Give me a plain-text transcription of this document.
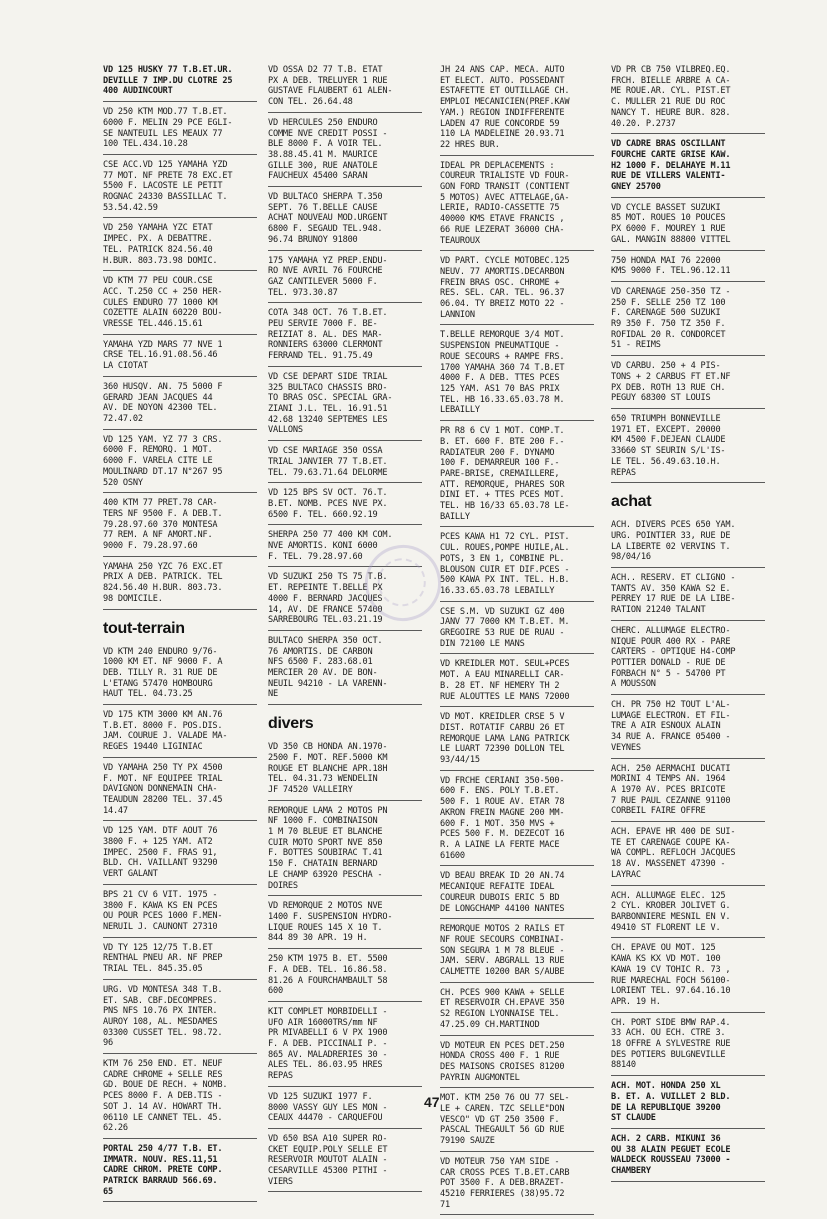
VD 125 HUSKY 77 T.B.ET.UR.
DEVILLE 7 IMP.DU CLOTRE 25
400 AUDINCOURT
VD 250 KTM MOD.77 T.B.ET.
6000 F. MELIN 29 PCE EGLI-
SE NANTEUIL LES MEAUX 77
100 TEL.434.10.28
CSE ACC.VD 125 YAMAHA YZD
77 MOT. NF PRETE 78 EXC.ET
5500 F. LACOSTE LE PETIT
ROGNAC 24330 BASSILLAC T.
53.54.42.59
VD 250 YAMAHA YZC ETAT
IMPEC. PX. A DEBATTRE.
TEL. PATRICK 824.56.40
H.BUR. 803.73.98 DOMIC.
VD KTM 77 PEU COUR.CSE
ACC. T.250 CC + 250 HER-
CULES ENDURO 77 1000 KM
COZETTE ALAIN 60220 BOU-
VRESSE TEL.446.15.61
YAMAHA YZD MARS 77 NVE 1
CRSE TEL.16.91.08.56.46
LA CIOTAT
360 HUSQV. AN. 75 5000 F
GERARD JEAN JACQUES 44
AV. DE NOYON 42300 TEL.
72.47.02
VD 125 YAM. YZ 77 3 CRS.
6000 F. REMORQ. 1 MOT.
6000 F. VARELA CITE LE
MOULINARD DT.17 N°267 95
520 OSNY
400 KTM 77 PRET.78 CAR-
TERS NF 9500 F. A DEB.T.
79.28.97.60 370 MONTESA
77 REM. A NF AMORT.NF.
9000 F. 79.28.97.60
YAMAHA 250 YZC 76 EXC.ET
PRIX A DEB. PATRICK. TEL
824.56.40 H.BUR. 803.73.
98 DOMICILE.
tout-terrain
VD KTM 240 ENDURO 9/76-
1000 KM ET. NF 9000 F. A
DEB. TILLY R. 31 RUE DE
L'ETANG 57470 HOMBOURG
HAUT TEL. 04.73.25
VD 175 KTM 3000 KM AN.76
T.B.ET. 8000 F. POS.DIS.
JAM. COURUE J. VALADE MA-
REGES 19440 LIGINIAC
VD YAMAHA 250 TY PX 4500
F. MOT. NF EQUIPEE TRIAL
DAVIGNON DONNEMAIN CHA-
TEAUDUN 28200 TEL. 37.45
14.47
VD 125 YAM. DTF AOUT 76
3800 F. + 125 YAM. AT2
IMPEC. 2500 F. FRAS 91,
BLD. CH. VAILLANT 93290
VERT GALANT
BPS 21 CV 6 VIT. 1975 -
3800 F. KAWA KS EN PCES
OU POUR PCES 1000 F.MEN-
NERUIL J. CAUNONT 27310
VD TY 125 12/75 T.B.ET
RENTHAL PNEU AR. NF PREP
TRIAL TEL. 845.35.05
URG. VD MONTESA 348 T.B.
ET. SAB. CBF.DECOMPRES.
PNS NFS 10.76 PX INTER.
AUROY 108, AL. MESDAMES
03300 CUSSET TEL. 98.72.
96
KTM 76 250 END. ET. NEUF
CADRE CHROME + SELLE RES
GD. BOUE DE RECH. + NOMB.
PCES 8000 F. A DEB.TIS -
SOT J. 14 AV. HOWART TH.
06110 LE CANNET TEL. 45.
62.26
PORTAL 250 4/77 T.B. ET.
IMMATR. NOUV. RES.11,51
CADRE CHROM. PRETE COMP.
PATRICK BARRAUD 566.69.
65
VD OSSA D2 77 T.B. ETAT
PX A DEB. TRELUYER 1 RUE
GUSTAVE FLAUBERT 61 ALEN-
CON TEL. 26.64.48
VD HERCULES 250 ENDURO
COMME NVE CREDIT POSSI -
BLE 8000 F. A VOIR TEL.
38.88.45.41 M. MAURICE
GILLE 300, RUE ANATOLE
FAUCHEUX 45400 SARAN
VD BULTACO SHERPA T.350
SEPT. 76 T.BELLE CAUSE
ACHAT NOUVEAU MOD.URGENT
6800 F. SEGAUD TEL.948.
96.74 BRUNOY 91800
175 YAMAHA YZ PREP.ENDU-
RO NVE AVRIL 76 FOURCHE
GAZ CANTILEVER 5000 F.
TEL. 973.30.87
COTA 348 OCT. 76 T.B.ET.
PEU SERVIE 7000 F. BE-
REIZIAT 8. AL. DES MAR-
RONNIERS 63000 CLERMONT
FERRAND TEL. 91.75.49
VD CSE DEPART SIDE TRIAL
325 BULTACO CHASSIS BRO-
TO BRAS OSC. SPECIAL GRA-
ZIANI J.L. TEL. 16.91.51
42.68 13240 SEPTEMES LES
VALLONS
VD CSE MARIAGE 350 OSSA
TRIAL JANVIER 77 T.B.ET.
TEL. 79.63.71.64 DELORME
VD 125 BPS SV OCT. 76.T.
B.ET. NOMB. PCES NVE PX.
6500 F. TEL. 660.92.19
SHERPA 250 77 400 KM COM.
NVE AMORTIS. KONI 6000
F. TEL. 79.28.97.60
VD SUZUKI 250 TS 75 T.B.
ET. REPEINTE T.BELLE PX
4000 F. BERNARD JACQUES
14, AV. DE FRANCE 57400
SARREBOURG TEL.03.21.19
BULTACO SHERPA 350 OCT.
76 AMORTIS. DE CARBON
NFS 6500 F. 283.68.01
MERCIER 20 AV. DE BON-
NEUIL 94210 - LA VARENN-
NE
divers
VD 350 CB HONDA AN.1970-
2500 F. MOT. REF.5000 KM
ROUGE ET BLANCHE APR.18H
TEL. 04.31.73 WENDELIN
JF 74520 VALLEIRY
REMORQUE LAMA 2 MOTOS PN
NF 1000 F. COMBINAISON
1 M 70 BLEUE ET BLANCHE
CUIR MOTO SPORT NVE 850
F. BOTTES SOUBIRAC T.41
150 F. CHATAIN BERNARD
LE CHAMP 63920 PESCHA -
DOIRES
VD REMORQUE 2 MOTOS NVE
1400 F. SUSPENSION HYDRO-
LIQUE ROUES 145 X 10 T.
844 89 30 APR. 19 H.
250 KTM 1975 B. ET. 5500
F. A DEB. TEL. 16.86.58.
81.26 A FOURCHAMBAULT 58
600
KIT COMPLET MORBIDELLI -
UFO AIR 16000TRS/mm NF
PR MIVABELLI 6 V PX 1900
F. A DEB. PICCINALI P. -
865 AV. MALADRERIES 30 -
ALES TEL. 86.03.95 HRES
REPAS
VD 125 SUZUKI 1977 F.
8000 VASSY GUY LES MON -
CEAUX 44470 - CARQUEFOU
VD 650 BSA A10 SUPER RO-
CKET EQUIP.POLY SELLE ET
RESERVOIR MOUTOT ALAIN -
CESARVILLE 45300 PITHI -
VIERS
JH 24 ANS CAP. MECA. AUTO
ET ELECT. AUTO. POSSEDANT
ESTAFETTE ET OUTILLAGE CH.
EMPLOI MECANICIEN(PREF.KAW
YAM.) REGION INDIFFERENTE
LADEN 47 RUE CONCORDE 59
110 LA MADELEINE 20.93.71
22 HRES BUR.
IDEAL PR DEPLACEMENTS :
COUREUR TRIALISTE VD FOUR-
GON FORD TRANSIT (CONTIENT
5 MOTOS) AVEC ATTELAGE,GA-
LERIE, RADIO-CASSETTE 75
40000 KMS ETAVE FRANCIS ,
66 RUE LEZERAT 36000 CHA-
TEAUROUX
VD PART. CYCLE MOTOBEC.125
NEUV. 77 AMORTIS.DECARBON
FREIN BRAS OSC. CHROME +
RES. SEL. CAR. TEL. 96.37
06.04. TY BREIZ MOTO 22 -
LANNION
T.BELLE REMORQUE 3/4 MOT.
SUSPENSION PNEUMATIQUE -
ROUE SECOURS + RAMPE FRS.
1700 YAMAHA 360 74 T.B.ET
4000 F. A DEB. TTES PCES
125 YAM. AS1 70 BAS PRIX
TEL. HB 16.33.65.03.78 M.
LEBAILLY
PR R8 6 CV 1 MOT. COMP.T.
B. ET. 600 F. BTE 200 F.-
RADIATEUR 200 F. DYNAMO
100 F. DEMARREUR 100 F.-
PARE-BRISE, CREMAILLERE,
ATT. REMORQUE, PHARES SOR
DINI ET. + TTES PCES MOT.
TEL. HB 16/33 65.03.78 LE-
BAILLY
PCES KAWA H1 72 CYL. PIST.
CUL. ROUES,POMPE HUILE,AL.
POTS, 3 EN 1, COMBINE PL.
BLOUSON CUIR ET DIF.PCES -
500 KAWA PX INT. TEL. H.B.
16.33.65.03.78 LEBAILLY
CSE S.M. VD SUZUKI GZ 400
JANV 77 7000 KM T.B.ET. M.
GREGOIRE 53 RUE DE RUAU -
DIN 72100 LE MANS
VD KREIDLER MOT. SEUL+PCES
MOT. A EAU MINARELLI CAR-
B. 28 ET. NF HEMERY TH 2
RUE ALOUTTES LE MANS 72000
VD MOT. KREIDLER CRSE 5 V
DIST. ROTATIF CARBU 26 ET
REMORQUE LAMA LANG PATRICK
LE LUART 72390 DOLLON TEL
93/44/15
VD FRCHE CERIANI 350-500-
600 F. ENS. POLY T.B.ET.
500 F. 1 ROUE AV. ETAR 78
AKRON FREIN MAGNE 200 MM-
600 F. 1 MOT. 350 MVS +
PCES 500 F. M. DEZECOT 16
R. A LAINE LA FERTE MACE
61600
VD BEAU BREAK ID 20 AN.74
MECANIQUE REFAITE IDEAL
COUREUR DUBOIS ERIC 5 BD
DE LONGCHAMP 44100 NANTES
REMORQUE MOTOS 2 RAILS ET
NF ROUE SECOURS COMBINAI-
SON SEGURA 1 M 78 BLEUE -
JAM. SERV. ABGRALL 13 RUE
CALMETTE 10200 BAR S/AUBE
CH. PCES 900 KAWA + SELLE
ET RESERVOIR CH.EPAVE 350
S2 REGION LYONNAISE TEL.
47.25.09 CH.MARTINOD
VD MOTEUR EN PCES DET.250
HONDA CROSS 400 F. 1 RUE
DES MAISONS CROISES 81200
PAYRIN AUGMONTEL
MOT. KTM 250 76 OU 77 SEL-
LE + CAREN. TZC SELLE"DON
VESCO" VD GT 250 3500 F.
PASCAL THEGAULT 56 GD RUE
79190 SAUZE
VD MOTEUR 750 YAM SIDE -
CAR CROSS PCES T.B.ET.CARB
POT 3500 F. A DEB.BRAZET-
45210 FERRIERES (38)95.72
71
VD PR CB 750 VILBREQ.EQ.
FRCH. BIELLE ARBRE A CA-
ME ROUE.AR. CYL. PIST.ET
C. MULLER 21 RUE DU ROC
NANCY T. HEURE BUR. 828.
40.20. P.2737
VD CADRE BRAS OSCILLANT
FOURCHE CARTE GRISE KAW.
H2 1000 F. DELAHAYE M.11
RUE DE VILLERS VALENTI-
GNEY 25700
VD CYCLE BASSET SUZUKI
85 MOT. ROUES 10 POUCES
PX 6000 F. MOUREY 1 RUE
GAL. MANGIN 88800 VITTEL
750 HONDA MAI 76 22000
KMS 9000 F. TEL.96.12.11
VD CARENAGE 250-350 TZ -
250 F. SELLE 250 TZ 100
F. CARENAGE 500 SUZUKI
R9 350 F. 750 TZ 350 F.
ROFIDAL 20 R. CONDORCET
51 - REIMS
VD CARBU. 250 + 4 PIS-
TONS + 2 CARBUS FT ET.NF
PX DEB. ROTH 13 RUE CH.
PEGUY 68300 ST LOUIS
650 TRIUMPH BONNEVILLE
1971 ET. EXCEPT. 20000
KM 4500 F.DEJEAN CLAUDE
33660 ST SEURIN S/L'IS-
LE TEL. 56.49.63.10.H.
REPAS
achat
ACH. DIVERS PCES 650 YAM.
URG. POINTIER 33, RUE DE
LA LIBERTE 02 VERVINS T.
98/04/16
ACH.. RESERV. ET CLIGNO -
TANTS AV. 350 KAWA S2 E.
PERREY 17 RUE DE LA LIBE-
RATION 21240 TALANT
CHERC. ALLUMAGE ELECTRO-
NIQUE POUR 400 RX - PARE
CARTERS - OPTIQUE H4-COMP
POTTIER DONALD - RUE DE
FORBACH N° 5 - 54700 PT
A MOUSSON
CH. PR 750 H2 TOUT L'AL-
LUMAGE ELECTRON. ET FIL-
TRE A AIR ESNOUX ALAIN
34 RUE A. FRANCE 05400 -
VEYNES
ACH. 250 AERMACHI DUCATI
MORINI 4 TEMPS AN. 1964
A 1970 AV. PCES BRICOTE
7 RUE PAUL CEZANNE 91100
CORBEIL FAIRE OFFRE
ACH. EPAVE HR 400 DE SUI-
TE ET CARENAGE COUPE KA-
WA COMPL. REFLOCH JACQUES
18 AV. MASSENET 47390 -
LAYRAC
ACH. ALLUMAGE ELEC. 125
2 CYL. KROBER JOLIVET G.
BARBONNIERE MESNIL EN V.
49410 ST FLORENT LE V.
CH. EPAVE OU MOT. 125
KAWA KS KX VD MOT. 100
KAWA 19 CV TOHIC R. 73 ,
RUE MARECHAL FOCH 56100-
LORIENT TEL. 97.64.16.10
APR. 19 H.
CH. PORT SIDE BMW RAP.4.
33 ACH. OU ECH. CTRE 3.
18 OFFRE A SYLVESTRE RUE
DES POTIERS BULGNEVILLE
88140
ACH. MOT. HONDA 250 XL
B. ET. A. VUILLET 2 BLD.
DE LA REPUBLIQUE 39200
ST CLAUDE
ACH. 2 CARB. MIKUNI 36
OU 38 ALAIN PEGUET ECOLE
WALDECK ROUSSEAU 73000 -
CHAMBERY
47
